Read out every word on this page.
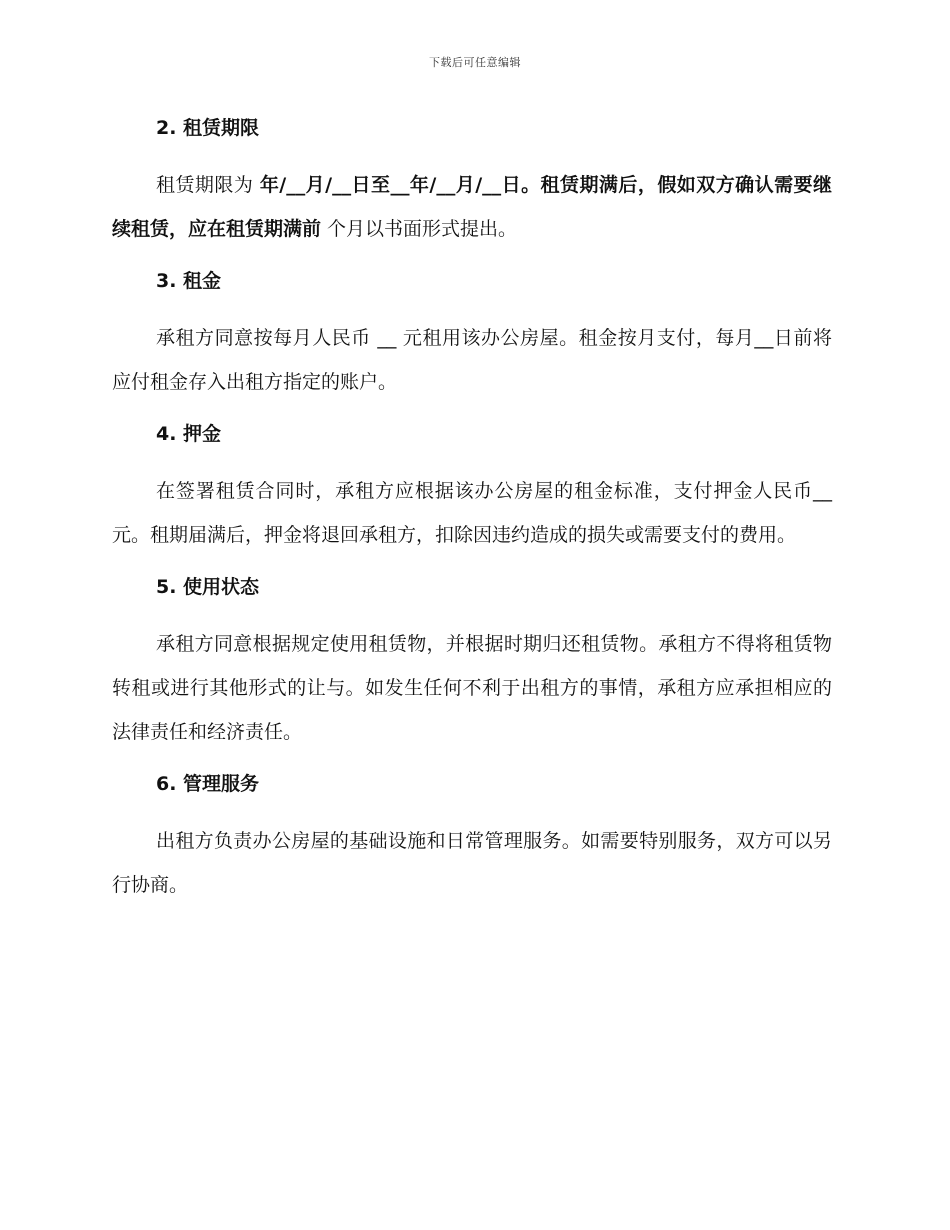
下载后可任意编辑
2. 租赁期限

租赁期限为 年/__月/__日至__年/__月/__日。租赁期满后，假如双方确认需要继续租赁，应在租赁期满前 个月以书面形式提出。

3. 租金

承租方同意按每月人民币 __ 元租用该办公房屋。租金按月支付，每月__日前将应付租金存入出租方指定的账户。

4. 押金

在签署租赁合同时，承租方应根据该办公房屋的租金标准，支付押金人民币__元。租期届满后，押金将退回承租方，扣除因违约造成的损失或需要支付的费用。

5. 使用状态

承租方同意根据规定使用租赁物，并根据时期归还租赁物。承租方不得将租赁物转租或进行其他形式的让与。如发生任何不利于出租方的事情，承租方应承担相应的法律责任和经济责任。

6. 管理服务

出租方负责办公房屋的基础设施和日常管理服务。如需要特别服务，双方可以另行协商。
